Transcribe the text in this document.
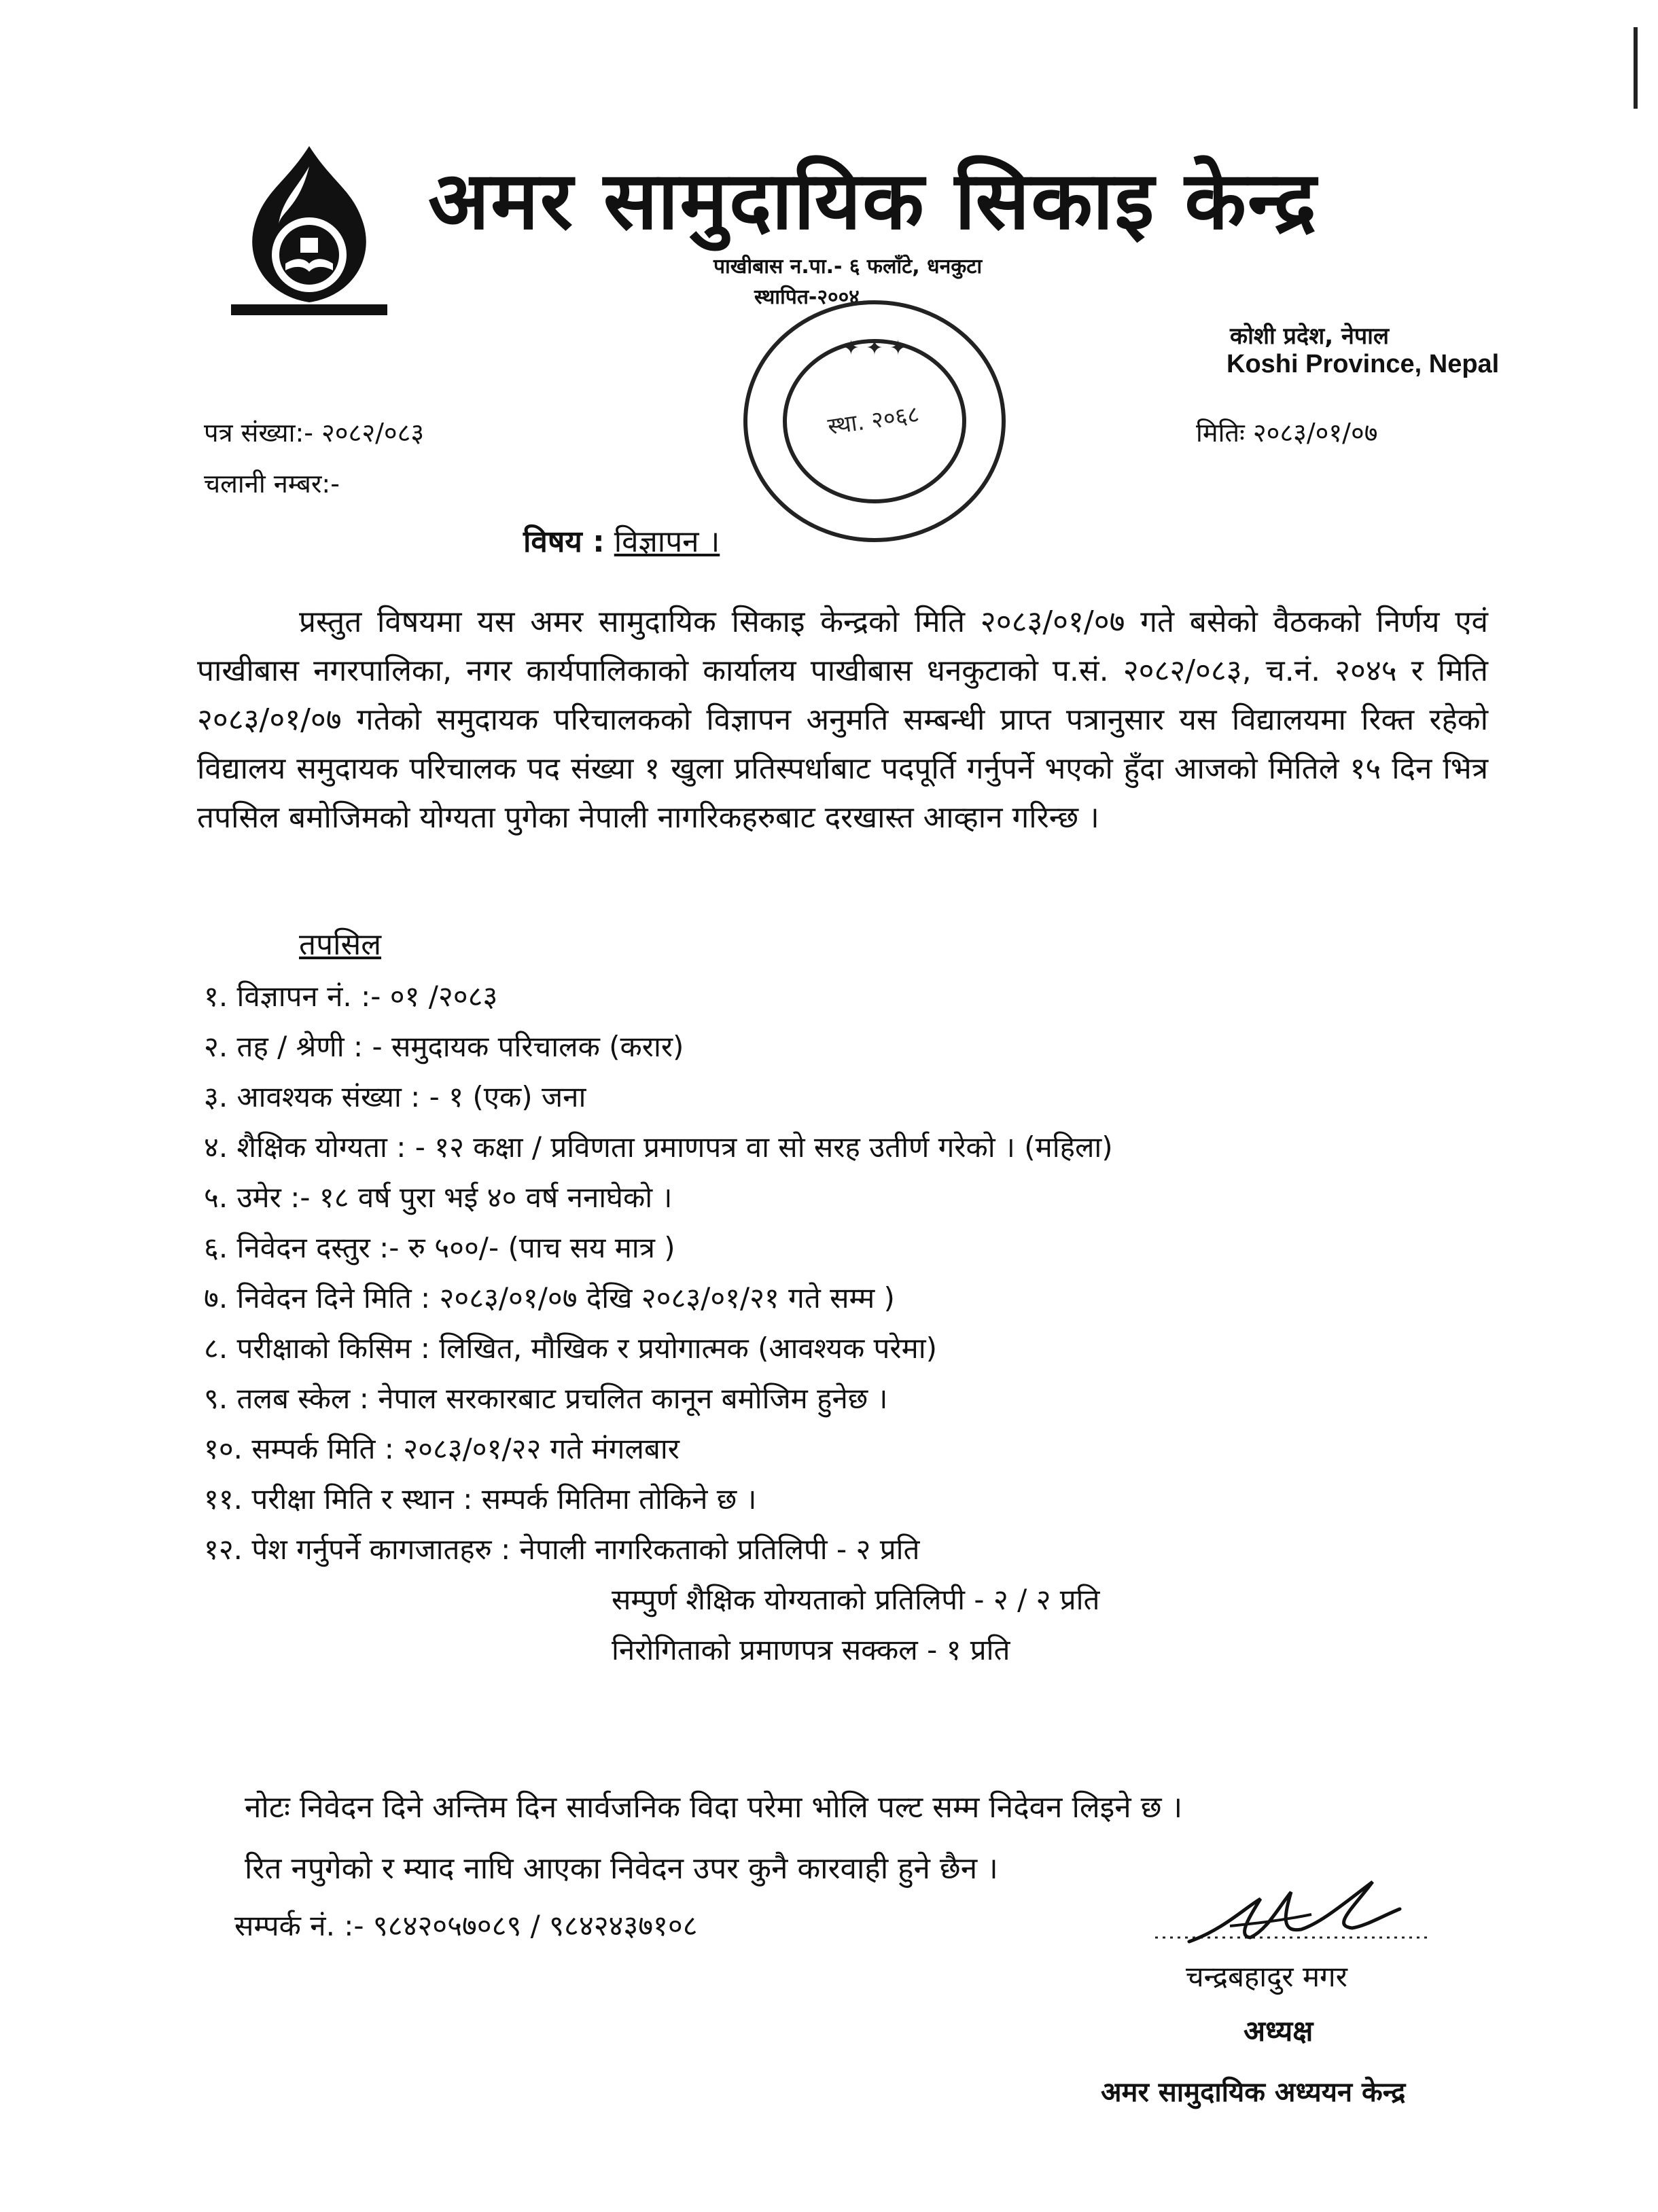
अमर सामुदायिक सिकाइ केन्द्र
पाखीबास न.पा.- ६ फलाँटे, धनकुटा
स्थापित-२००४
कोशी प्रदेश, नेपाल
Koshi Province, Nepal
✦ ✦ ✦
स्था. २०६८
पत्र संख्या:- २०८२/०८३	मितिः २०८३/०१/०७
चलानी नम्बर:-
विषय : विज्ञापन ।
प्रस्तुत विषयमा यस अमर सामुदायिक सिकाइ केन्द्रको मिति २०८३/०१/०७ गते बसेको वैठकको निर्णय एवं पाखीबास नगरपालिका, नगर कार्यपालिकाको कार्यालय पाखीबास धनकुटाको प.सं. २०८२/०८३, च.नं. २०४५ र मिति २०८३/०१/०७ गतेको समुदायक परिचालकको विज्ञापन अनुमति सम्बन्धी प्राप्त पत्रानुसार यस विद्यालयमा रिक्त रहेको विद्यालय समुदायक परिचालक पद संख्या १ खुला प्रतिस्पर्धाबाट पदपूर्ति गर्नुपर्ने भएको हुँदा आजको मितिले १५ दिन भित्र तपसिल बमोजिमको योग्यता पुगेका नेपाली नागरिकहरुबाट दरखास्त आव्हान गरिन्छ ।
तपसिल
१. विज्ञापन नं. :- ०१ /२०८३
२. तह / श्रेणी : - समुदायक परिचालक (करार)
३. आवश्यक संख्या : - १ (एक) जना
४. शैक्षिक योग्यता : - १२ कक्षा / प्रविणता प्रमाणपत्र वा सो सरह उतीर्ण गरेको । (महिला)
५. उमेर :- १८ वर्ष पुरा भई ४० वर्ष ननाघेको ।
६. निवेदन दस्तुर :- रु ५००/- (पाच सय मात्र )
७. निवेदन दिने मिति : २०८३/०१/०७ देखि २०८३/०१/२१ गते सम्म )
८. परीक्षाको किसिम : लिखित, मौखिक र प्रयोगात्मक (आवश्यक परेमा)
९. तलब स्केल : नेपाल सरकारबाट प्रचलित कानून बमोजिम हुनेछ ।
१०. सम्पर्क मिति : २०८३/०१/२२ गते मंगलबार
११. परीक्षा मिति र स्थान : सम्पर्क मितिमा तोकिने छ ।
१२. पेश गर्नुपर्ने कागजातहरु : नेपाली नागरिकताको प्रतिलिपी - २ प्रति
सम्पुर्ण शैक्षिक योग्यताको प्रतिलिपी - २ / २ प्रति
निरोगिताको प्रमाणपत्र सक्कल - १ प्रति
नोटः निवेदन दिने अन्तिम दिन सार्वजनिक विदा परेमा भोलि पल्ट सम्म निदेवन लिइने छ ।
रित नपुगेको र म्याद नाघि आएका निवेदन उपर कुनै कारवाही हुने छैन ।
सम्पर्क नं. :- ९८४२०५७०८९ / ९८४२४३७१०८
चन्द्रबहादुर मगर
अध्यक्ष
अमर सामुदायिक अध्ययन केन्द्र
